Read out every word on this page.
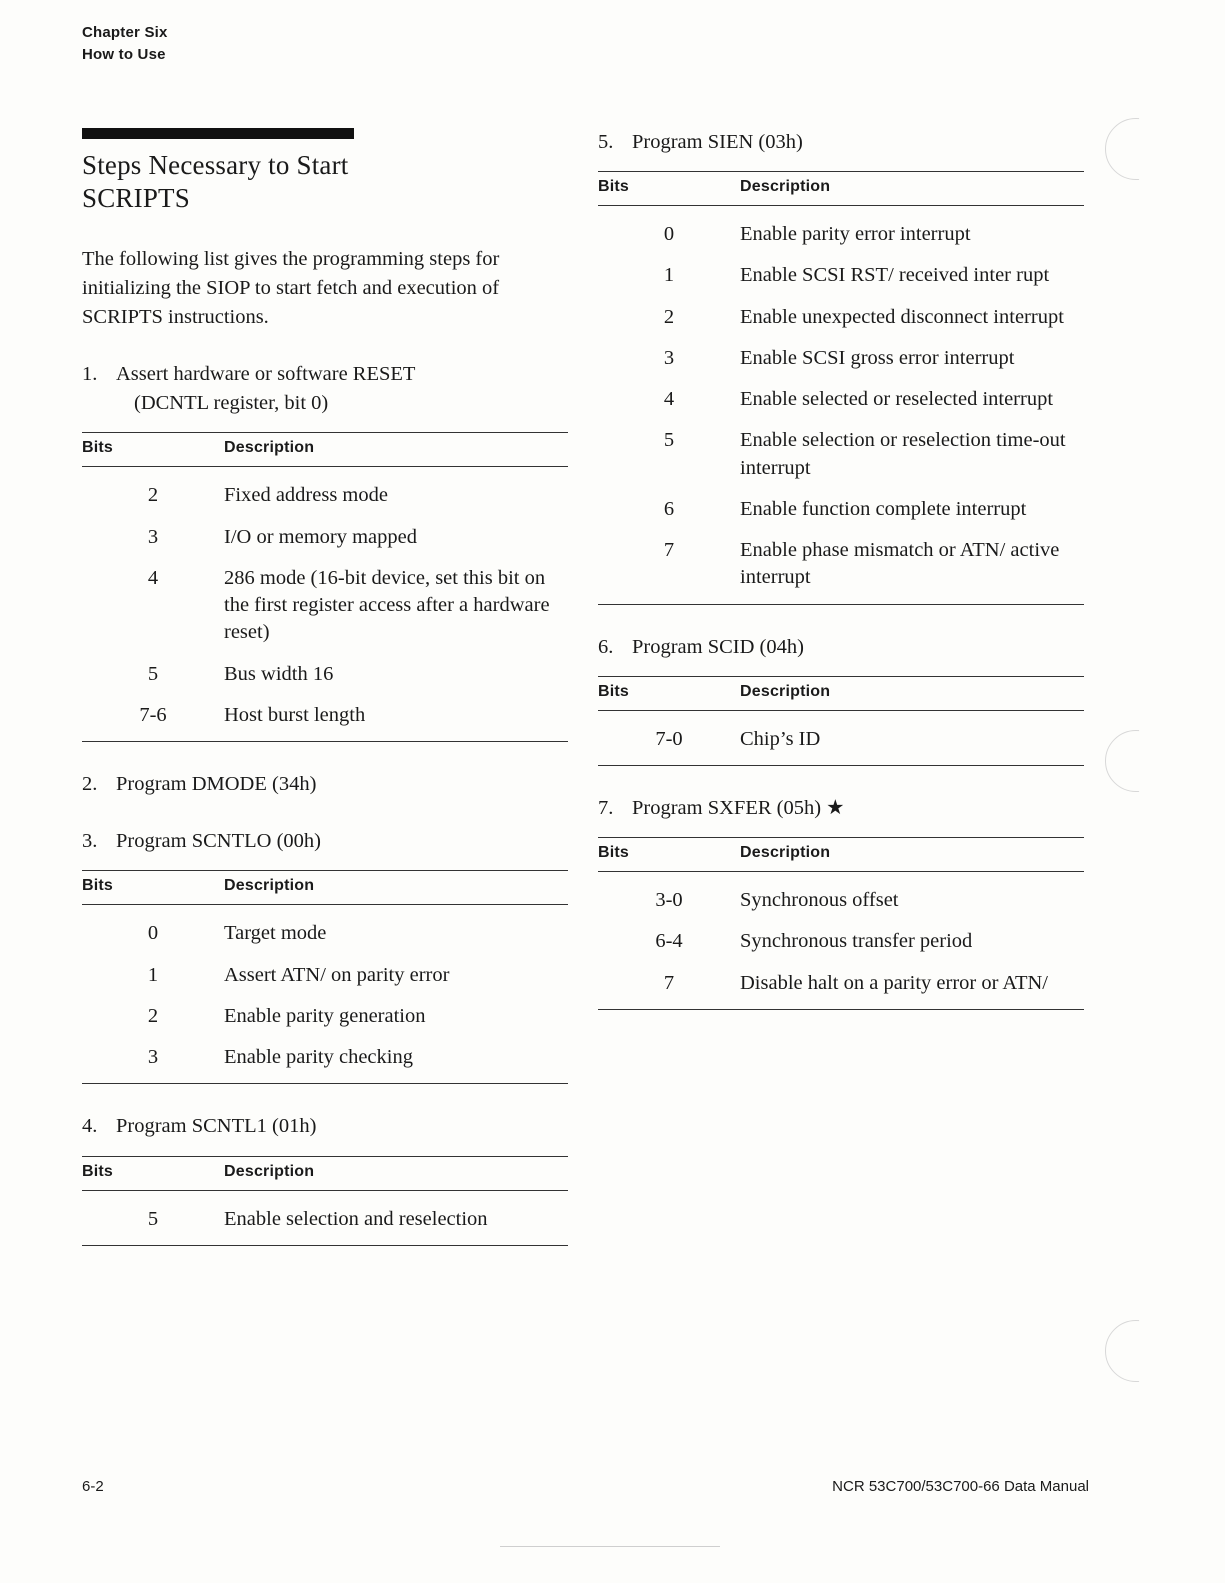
Chapter Six
How to Use
Steps Necessary to Start
SCRIPTS

The following list gives the programming steps for initializing the SIOP to start fetch and execution of SCRIPTS instructions.

1. Assert hardware or software RESET
(DCNTL register, bit 0)
Bits	Description
2	Fixed address mode
3	I/O or memory mapped
4	286 mode (16-bit device, set this bit on the first register access after a hardware reset)
5	Bus width 16
7-6	Host burst length
2. Program DMODE (34h)
3. Program SCNTLO (00h)
Bits	Description
0	Target mode
1	Assert ATN/ on parity error
2	Enable parity generation
3	Enable parity checking
4. Program SCNTL1 (01h)
Bits	Description
5	Enable selection and reselection
5. Program SIEN (03h)
Bits	Description
0	Enable parity error interrupt
1	Enable SCSI RST/ received inter rupt
2	Enable unexpected disconnect interrupt
3	Enable SCSI gross error interrupt
4	Enable selected or reselected interrupt
5	Enable selection or reselection time-out interrupt
6	Enable function complete interrupt
7	Enable phase mismatch or ATN/ active interrupt
6. Program SCID (04h)
Bits	Description
7-0	Chip’s ID
7. Program SXFER (05h) ★
Bits	Description
3-0	Synchronous offset
6-4	Synchronous transfer period
7	Disable halt on a parity error or ATN/
6-2	NCR 53C700/53C700-66 Data Manual
